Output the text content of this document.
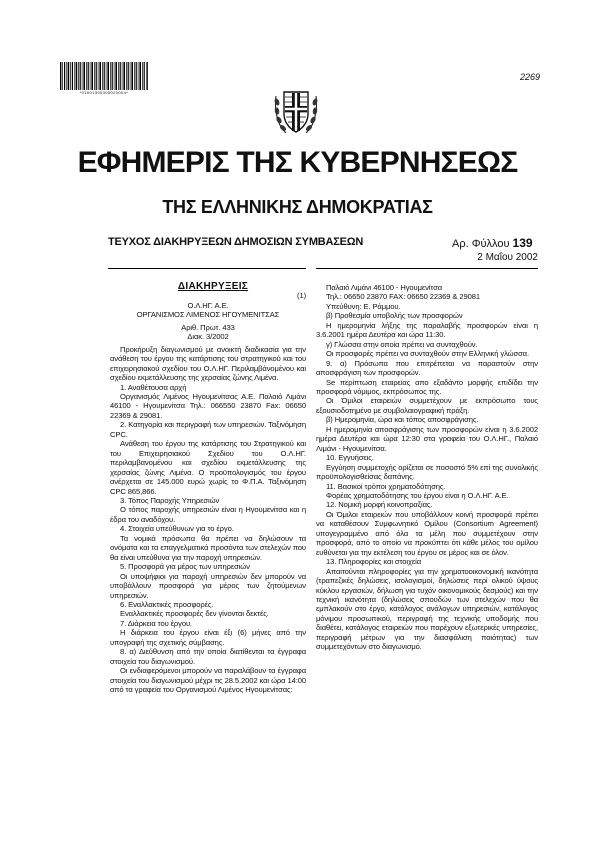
*01001390305020004*
2269
ΕΦΗΜΕΡΙΣ ΤΗΣ ΚΥΒΕΡΝΗΣΕΩΣ
ΤΗΣ ΕΛΛΗΝΙΚΗΣ ΔΗΜΟΚΡΑΤΙΑΣ
ΤΕΥΧΟΣ ΔΙΑΚΗΡΥΞΕΩΝ ΔΗΜΟΣΙΩΝ ΣΥΜΒΑΣΕΩΝ	Αρ. Φύλλου 139
2 Μαΐου 2002

ΔΙΑΚΗΡΥΞΕΙΣ

(1)

Ο.Λ.ΗΓ. Α.Ε.

ΟΡΓΑΝΙΣΜΟΣ ΛΙΜΕΝΟΣ ΗΓΟΥΜΕΝΙΤΣΑΣ

Αριθ. Πρωτ. 433

Διακ. 3/2002

Προκήρυξη διαγωνισμού με ανοικτή διαδικασία για την ανάθεση του έργου της κατάρτισης του στρατηγικού και του επιχειρησιακού σχεδίου του Ο.Λ.ΗΓ. Περιλαμβάνομένου και σχεδίου εκμετάλλευσης της χερσαίας ζώνης Λιμένα.

1. Αναθέτουσα αρχή

Οργανισμός Λιμένος Ηγουμενίτσας Α.Ε. Παλαιό Λιμάνι 46100 - Ηγουμενίτσα Τηλ.: 066550 23870 Fax: 06650 22369 & 29081.

2. Κατηγορία και περιγραφή των υπηρεσιών. Ταξινόμηση CPC.

Ανάθεση του έργου της κατάρτισης του Στρατηγικού και του Επιχειρησιακού Σχεδίου του Ο.Λ.ΗΓ. περιλαμβανομένου και σχεδίου εκμετάλλευσης της χερσαίας ζώνης Λιμένα. Ο προϋπολογισμός του έργου ανέρχεται σε 145.000 ευρώ χωρίς το Φ.Π.Α. Ταξινόμηση CPC 865,866.

3. Τόπος Παροχής Υπηρεσιών

Ο τόπος παροχής υπηρεσιών είναι η Ηγουμενίτσα και η έδρα του αναδόχου.

4. Στοιχεία υπεύθυνων για το έργο.

Τα νομικά πρόσωπα θα πρέπει να δηλώσουν τα ονόματα και τα επαγγελματικά προσόντα των στελεχών που θα είναι υπεύθυνα για την παροχή υπηρεσιών.

5. Προσφορά για μέρος των υπηρεσιών

Οι υποψήφιοι για παροχή υπηρεσιών δεν μπορούν να υποβάλλουν προσφορά για μέρος των ζητούμενων υπηρεσιών.

6. Εναλλακτικές προσφορές.

Εναλλακτικές προσφορές δεν γίνονται δεκτές.

7. Διάρκεια του έργου.

Η διάρκεια του έργου είναι έξι (6) μήνες από την υπογραφή της σχετικής σύμβασης.

8. α) Διεύθυνση από την οποία διατίθενται τα έγγραφα στοιχεία του διαγωνισμού.

Οι ενδιαφερόμενοι μπορούν να παραλάβουν τα έγγραφα στοιχεία του διαγωνισμού μέχρι τις 28.5.2002 και ώρα 14:00 από τα γραφεία του Οργανισμού Λιμένος Ηγουμενίτσας:

Παλαιό Λιμάνι 46100 - Ηγουμενίτσα

Τηλ.: 06650 23870 FAX: 06650 22369 & 29081

Υπεύθυνη: Ε. Ράμμου.

β) Προθεσμία υποβολής των προσφορών

Η ημερομηνία λήξης της παραλαβής προσφορών είναι η 3.6.2001 ημέρα Δευτέρα και ώρα 11:30.

γ) Γλώσσα στην οποία πρέπει να συνταχθούν.

Οι προσφορές πρέπει να συνταχθούν στην Ελληνική γλώσσα.

9. α) Πρόσωπα που επιτρέπεται να παραστούν στην αποσφράγιση των προσφορών.

Se περίπτωση εταιρείας απο εξαδάντο μορφής επιδίδει την προσφορά νόμιμος, εκπρόσωπος της.

Οι Όμιλοι εταιρειών συμμετέχουν με εκπρόσωπο τους εξουσιοδοτημένο με συμβολαιογραφική πράξη.

β) Ημερομηνία, ώρα και τόπος αποσφράγισης.

Η ημερομηνία αποσφράγισης των προσφορών είναι η 3.6.2002 ημέρα Δευτέρα και ώρα 12:30 στα γραφεία του Ο.Λ.ΗΓ., Παλαιό Λιμάνι - Ηγουμενίτσα.

10. Εγγυήσεις.

Εγγύηση συμμετοχής ορίζεται σε ποσοστό 5% επί της συνολικής προϋπολογισθείσας δαπάνης.

11. Βασικοί τρόποι χρηματοδότησης.

Φορέας χρηματοδότησης του έργου είναι η Ο.Λ.ΗΓ. Α.Ε.

12. Νομική μορφή κοινοπραξίας.

Οι Όμιλοι εταιρειών που υποβάλλουν κοινή προσφορά πρέπει να καταθέσουν Συμφωνητικό Ομίλου (Consortium Agreement) υπογεγραμμένο από όλα τα μέλη που συμμετέχουν στην προσφορά, από το οποίο να προκύπτει ότι κάθε μέλος του ομίλου ευθύνεται για την εκτέλεση του έργου σε μέρος και σε όλον.

13. Πληροφορίες και στοιχεία

Απαιτούνται πληροφορίες για την χρηματοοικονομική ικανότητα (τραπεζικές δηλώσεις, ισολογισμοί, δηλώσεις περί ολικού ύψους κύκλου εργασιών, δήλωση για τυχόν οικονομικούς δεσμούς) και την τεχνική ικανότητα (δηλώσεις σπουδών των στελεχών που θα εμπλακούν στο έργο, κατάλογος ανάλογων υπηρεσιών, κατάλογος μόνιμου προσωπικού, περιγραφή της τεχνικής υποδομής που διαθέτει, κατάλογος εταιρειών που παρέχουν εξωτερικές υπηρεσίες, περιγραφή μέτρων για την διασφάλιση ποιότητας) των συμμετεχόντων στο διαγωνισμό.
